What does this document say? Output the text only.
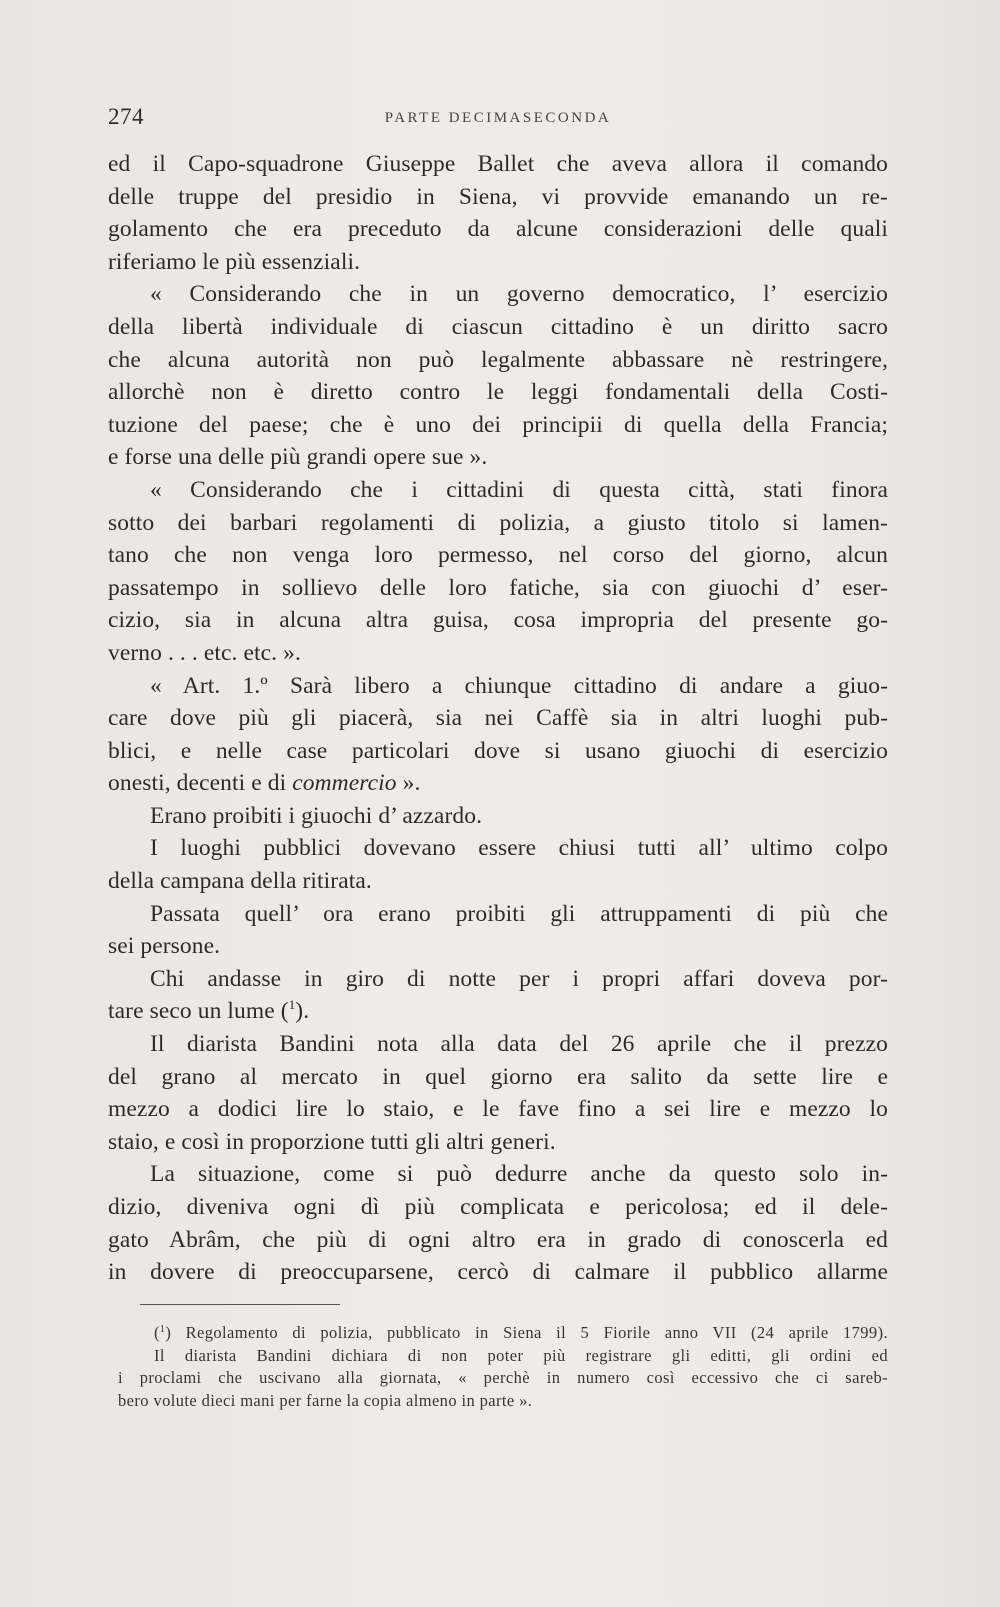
274	PARTE DECIMASECONDA
ed il Capo-squadrone Giuseppe Ballet che aveva allora il comando
delle truppe del presidio in Siena, vi provvide emanando un re-
golamento che era preceduto da alcune considerazioni delle quali
riferiamo le più essenziali.
« Considerando che in un governo democratico, l’ esercizio
della libertà individuale di ciascun cittadino è un diritto sacro
che alcuna autorità non può legalmente abbassare nè restringere,
allorchè non è diretto contro le leggi fondamentali della Costi-
tuzione del paese; che è uno dei principii di quella della Francia;
e forse una delle più grandi opere sue ».
« Considerando che i cittadini di questa città, stati finora
sotto dei barbari regolamenti di polizia, a giusto titolo si lamen-
tano che non venga loro permesso, nel corso del giorno, alcun
passatempo in sollievo delle loro fatiche, sia con giuochi d’ eser-
cizio, sia in alcuna altra guisa, cosa impropria del presente go-
verno . . . etc. etc. ».
« Art. 1.º Sarà libero a chiunque cittadino di andare a giuo-
care dove più gli piacerà, sia nei Caffè sia in altri luoghi pub-
blici, e nelle case particolari dove si usano giuochi di esercizio
onesti, decenti e di commercio ».
Erano proibiti i giuochi d’ azzardo.
I luoghi pubblici dovevano essere chiusi tutti all’ ultimo colpo
della campana della ritirata.
Passata quell’ ora erano proibiti gli attruppamenti di più che
sei persone.
Chi andasse in giro di notte per i propri affari doveva por-
tare seco un lume ($^1$).
Il diarista Bandini nota alla data del 26 aprile che il prezzo
del grano al mercato in quel giorno era salito da sette lire e
mezzo a dodici lire lo staio, e le fave fino a sei lire e mezzo lo
staio, e così in proporzione tutti gli altri generi.
La situazione, come si può dedurre anche da questo solo in-
dizio, diveniva ogni dì più complicata e pericolosa; ed il dele-
gato Abrâm, che più di ogni altro era in grado di conoscerla ed
in dovere di preoccuparsene, cercò di calmare il pubblico allarme
($^1$) Regolamento di polizia, pubblicato in Siena il 5 Fiorile anno VII (24 aprile 1799).
Il diarista Bandini dichiara di non poter più registrare gli editti, gli ordini ed
i proclami che uscivano alla giornata, « perchè in numero così eccessivo che ci sareb-
bero volute dieci mani per farne la copia almeno in parte ».
